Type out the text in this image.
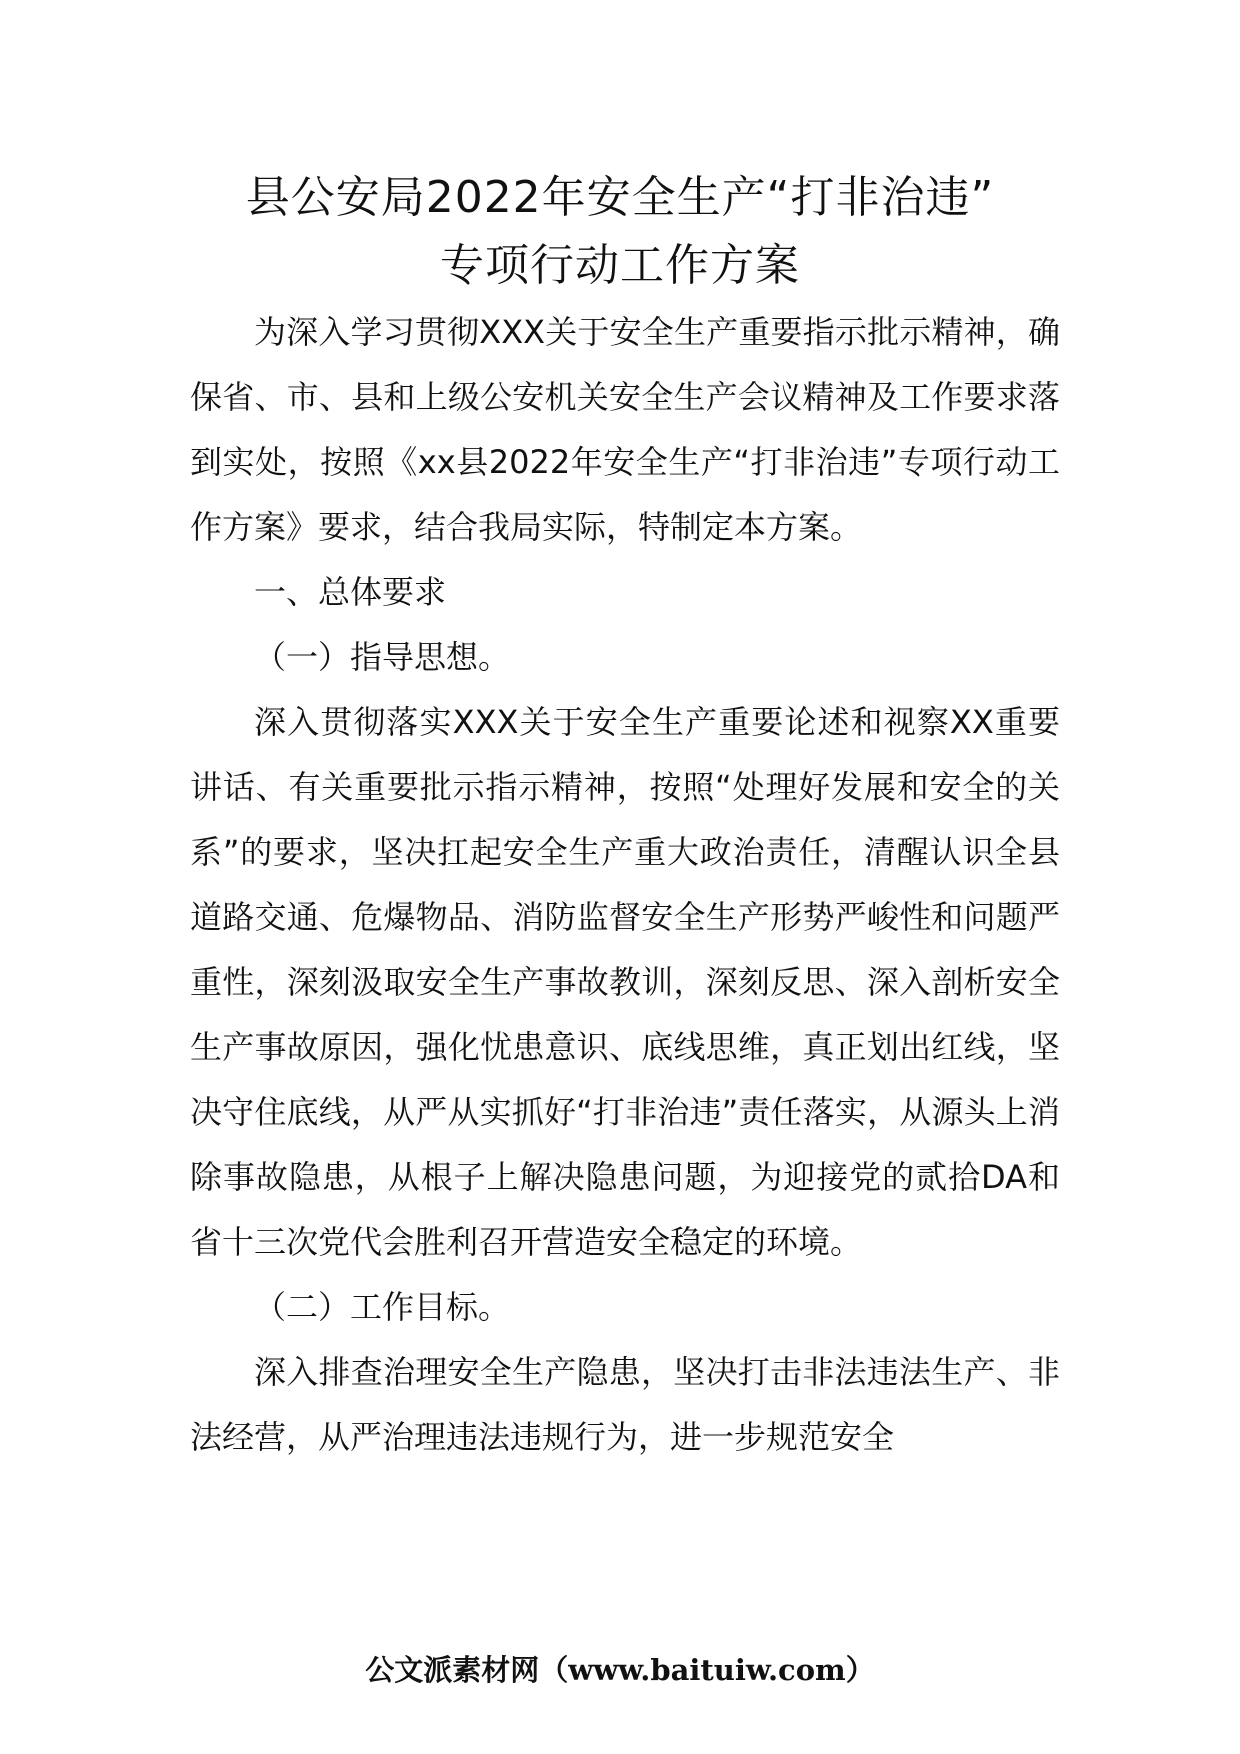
县公安局2022年安全生产“打非治违”
专项行动工作方案

为深入学习贯彻XXX关于安全生产重要指示批示精神，确保省、市、县和上级公安机关安全生产会议精神及工作要求落到实处，按照《xx县2022年安全生产“打非治违”专项行动工作方案》要求，结合我局实际，特制定本方案。

一、总体要求

（一）指导思想。

深入贯彻落实XXX关于安全生产重要论述和视察XX重要讲话、有关重要批示指示精神，按照“处理好发展和安全的关系”的要求，坚决扛起安全生产重大政治责任，清醒认识全县道路交通、危爆物品、消防监督安全生产形势严峻性和问题严重性，深刻汲取安全生产事故教训，深刻反思、深入剖析安全生产事故原因，强化忧患意识、底线思维，真正划出红线，坚决守住底线，从严从实抓好“打非治违”责任落实，从源头上消除事故隐患，从根子上解决隐患问题，为迎接党的贰拾DA和省十三次党代会胜利召开营造安全稳定的环境。

（二）工作目标。

深入排查治理安全生产隐患，坚决打击非法违法生产、非法经营，从严治理违法违规行为，进一步规范安全

公文派素材网（www.baituiw.com）
